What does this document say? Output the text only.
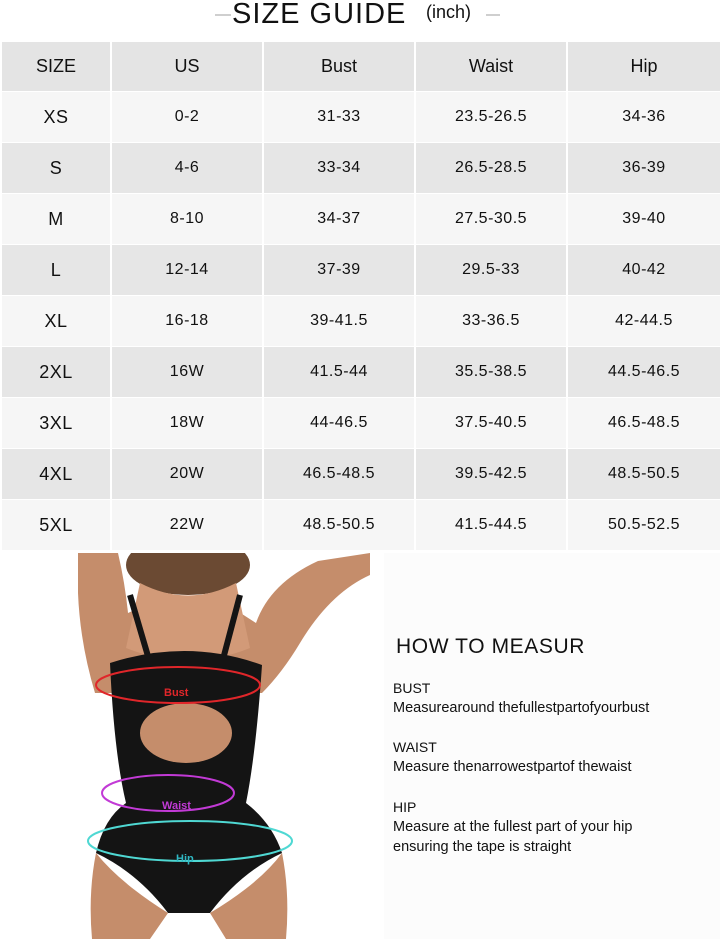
SIZE GUIDE (inch)
SIZE	US	Bust	Waist	Hip
XS	0-2	31-33	23.5-26.5	34-36
S	4-6	33-34	26.5-28.5	36-39
M	8-10	34-37	27.5-30.5	39-40
L	12-14	37-39	29.5-33	40-42
XL	16-18	39-41.5	33-36.5	42-44.5
2XL	16W	41.5-44	35.5-38.5	44.5-46.5
3XL	18W	44-46.5	37.5-40.5	46.5-48.5
4XL	20W	46.5-48.5	39.5-42.5	48.5-50.5
5XL	22W	48.5-50.5	41.5-44.5	50.5-52.5
Bust
Waist
Hip
HOW TO MEASUR
BUST
Measurearound thefullestpartofyourbust
WAIST
Measure thenarrowestpartof thewaist
HIP
Measure at the fullest part of your hip
ensuring the tape is straight
